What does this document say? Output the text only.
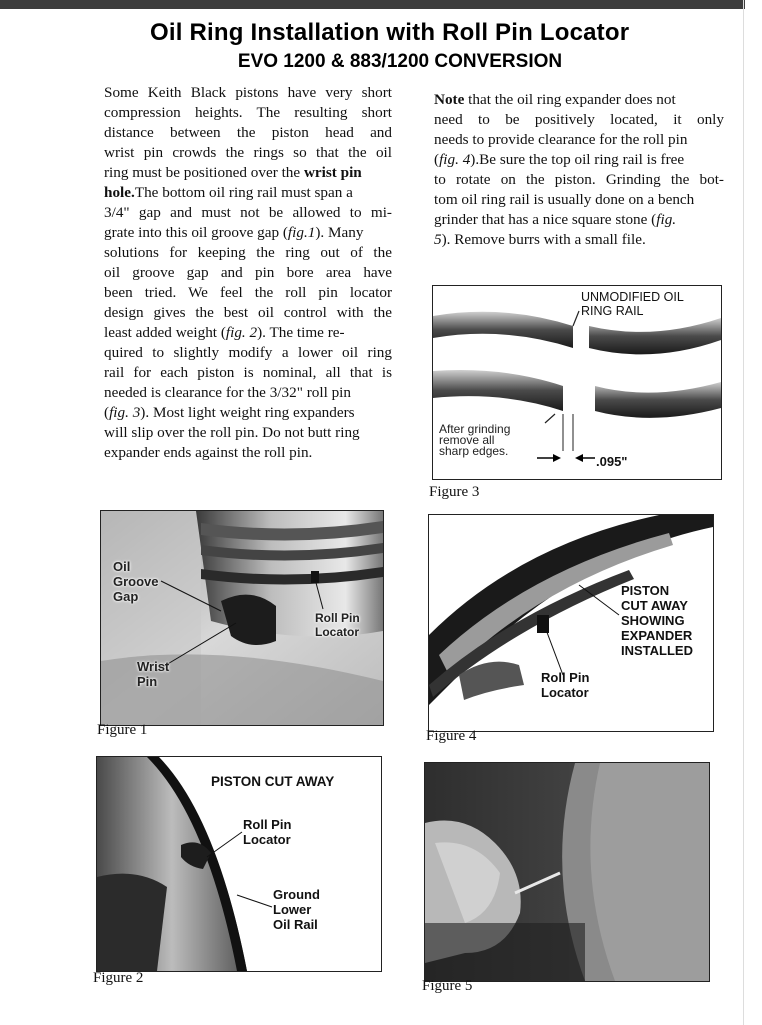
Oil Ring Installation with Roll Pin Locator
EVO 1200 & 883/1200 CONVERSION
Some Keith Black pistons have very short
compression heights. The resulting short
distance between the piston head and
wrist pin crowds the rings so that the oil
ring must be positioned over the wrist pin
hole.The bottom oil ring rail must span a
3/4" gap and must not be allowed to mi-
grate into this oil groove gap (fig.1). Many
solutions for keeping the ring out of the
oil groove gap and pin bore area have
been tried. We feel the roll pin locator
design gives the best oil control with the
least added weight (fig. 2). The time re-
quired to slightly modify a lower oil ring
rail for each piston is nominal, all that is
needed is clearance for the 3/32" roll pin
(fig. 3). Most light weight ring expanders
will slip over the roll pin. Do not butt ring
expander ends against the roll pin.
Note that the oil ring expander does not
need to be positively located, it only
needs to provide clearance for the roll pin
(fig. 4).Be sure the top oil ring rail is free
to rotate on the piston. Grinding the bot-
tom oil ring rail is usually done on a bench
grinder that has a nice square stone (fig.
5). Remove burrs with a small file.
UNMODIFIED OIL
RING RAIL
After grinding
remove all
sharp edges.
.095"
Figure 3
Oil
Groove
Gap
Roll Pin
Locator
Wrist
Pin
Figure 1
PISTON
CUT AWAY
SHOWING
EXPANDER
INSTALLED
Roll Pin
Locator
Figure 4
PISTON CUT AWAY
Roll Pin
Locator
Ground
Lower
Oil Rail
Figure 2	Figure 5
